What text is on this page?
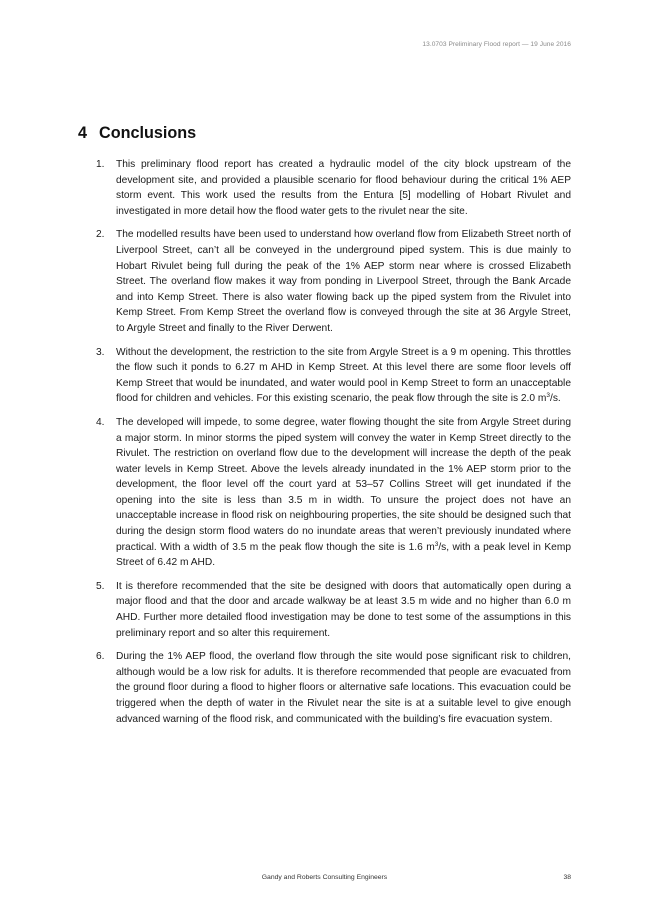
13.0703 Preliminary Flood report — 19 June 2016
4 Conclusions
1. This preliminary flood report has created a hydraulic model of the city block upstream of the development site, and provided a plausible scenario for flood behaviour during the critical 1% AEP storm event. This work used the results from the Entura [5] modelling of Hobart Rivulet and investigated in more detail how the flood water gets to the rivulet near the site.
2. The modelled results have been used to understand how overland flow from Elizabeth Street north of Liverpool Street, can’t all be conveyed in the underground piped system. This is due mainly to Hobart Rivulet being full during the peak of the 1% AEP storm near where is crossed Elizabeth Street. The overland flow makes it way from ponding in Liverpool Street, through the Bank Arcade and into Kemp Street. There is also water flowing back up the piped system from the Rivulet into Kemp Street. From Kemp Street the overland flow is conveyed through the site at 36 Argyle Street, to Argyle Street and finally to the River Derwent.
3. Without the development, the restriction to the site from Argyle Street is a 9 m opening. This throttles the flow such it ponds to 6.27 m AHD in Kemp Street. At this level there are some floor levels off Kemp Street that would be inundated, and water would pool in Kemp Street to form an unacceptable flood for children and vehicles. For this existing scenario, the peak flow through the site is 2.0 $m^3/s$.
4. The developed will impede, to some degree, water flowing thought the site from Argyle Street during a major storm. In minor storms the piped system will convey the water in Kemp Street directly to the Rivulet. The restriction on overland flow due to the development will increase the depth of the peak water levels in Kemp Street. Above the levels already inundated in the 1% AEP storm prior to the development, the floor level off the court yard at 53–57 Collins Street will get inundated if the opening into the site is less than 3.5 m in width. To unsure the project does not have an unacceptable increase in flood risk on neighbouring properties, the site should be designed such that during the design storm flood waters do no inundate areas that weren’t previously inundated where practical. With a width of 3.5 m the peak flow though the site is 1.6 $m^3/s$, with a peak level in Kemp Street of 6.42 m AHD.
5. It is therefore recommended that the site be designed with doors that automatically open during a major flood and that the door and arcade walkway be at least 3.5 m wide and no higher than 6.0 m AHD. Further more detailed flood investigation may be done to test some of the assumptions in this preliminary report and so alter this requirement.
6. During the 1% AEP flood, the overland flow through the site would pose significant risk to children, although would be a low risk for adults. It is therefore recommended that people are evacuated from the ground floor during a flood to higher floors or alternative safe locations. This evacuation could be triggered when the depth of water in the Rivulet near the site is at a suitable level to give enough advanced warning of the flood risk, and communicated with the building’s fire evacuation system.
Gandy and Roberts Consulting Engineers	38
